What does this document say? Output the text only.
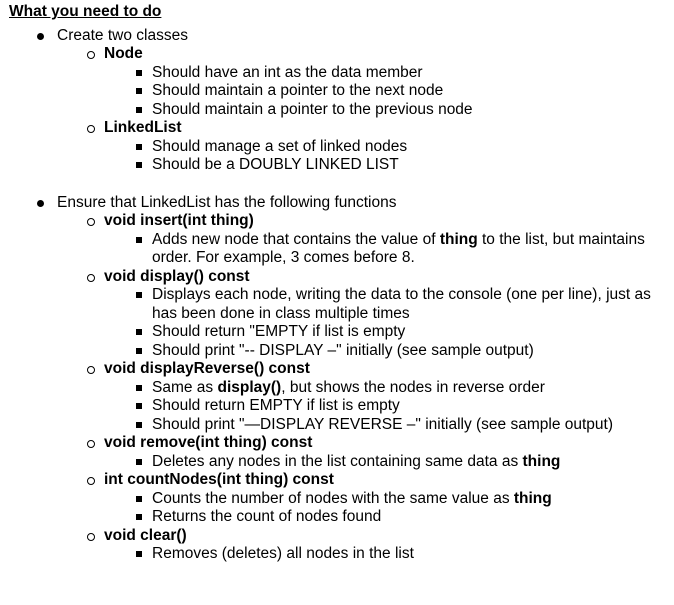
What you need to do
Create two classes
Node
Should have an int as the data member
Should maintain a pointer to the next node
Should maintain a pointer to the previous node
LinkedList
Should manage a set of linked nodes
Should be a DOUBLY LINKED LIST
Ensure that LinkedList has the following functions
void insert(int thing)
Adds new node that contains the value of thing to the list, but maintains order. For example, 3 comes before 8.
void display() const
Displays each node, writing the data to the console (one per line), just as has been done in class multiple times
Should return "EMPTY if list is empty
Should print "-- DISPLAY –" initially (see sample output)
void displayReverse() const
Same as display(), but shows the nodes in reverse order
Should return EMPTY if list is empty
Should print "—DISPLAY REVERSE –" initially (see sample output)
void remove(int thing) const
Deletes any nodes in the list containing same data as thing
int countNodes(int thing) const
Counts the number of nodes with the same value as thing
Returns the count of nodes found
void clear()
Removes (deletes) all nodes in the list
